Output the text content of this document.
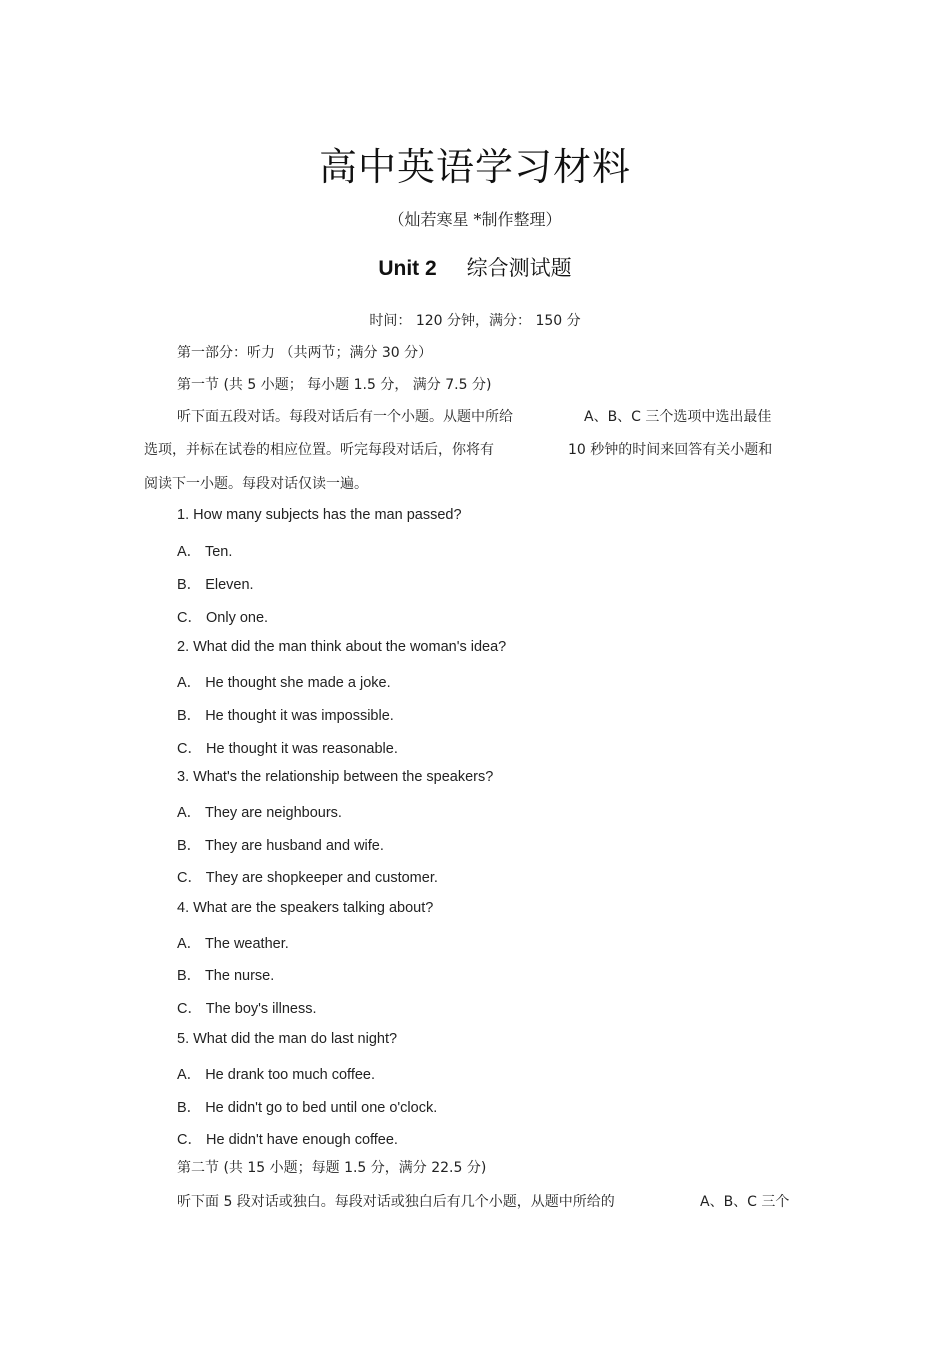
高中英语学习材料
（灿若寒星 *制作整理）
Unit 2 综合测试题
时间： 120 分钟，满分： 150 分
第一部分：听力 （共两节；满分 30 分）
第一节 (共 5 小题； 每小题 1.5 分， 满分 7.5 分)
听下面五段对话。每段对话后有一个小题。从题中所给	A、B、C 三个选项中选出最佳
选项，并标在试卷的相应位置。听完每段对话后，你将有	10 秒钟的时间来回答有关小题和
阅读下一小题。每段对话仅读一遍。
1. How many subjects has the man passed?
A． Ten.
B． Eleven.
C． Only one.
2. What did the man think about the woman's idea?
A． He thought she made a joke.
B． He thought it was impossible.
C． He thought it was reasonable.
3. What's the relationship between the speakers?
A． They are neighbours.
B． They are husband and wife.
C． They are shopkeeper and customer.
4. What are the speakers talking about?
A． The weather.
B． The nurse.
C． The boy's illness.
5. What did the man do last night?
A． He drank too much coffee.
B． He didn't go to bed until one o'clock.
C． He didn't have enough coffee.
第二节 (共 15 小题；每题 1.5 分，满分 22.5 分)
听下面 5 段对话或独白。每段对话或独白后有几个小题，从题中所给的	A、B、C 三个
